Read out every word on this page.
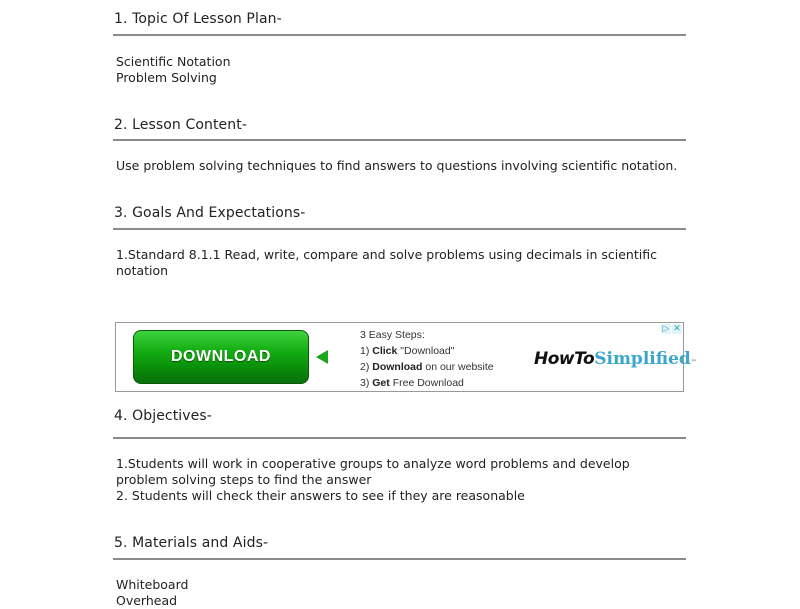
1. Topic Of Lesson Plan-
Scientific Notation
Problem Solving
2. Lesson Content-
Use problem solving techniques to find answers to questions involving scientific notation.
3. Goals And Expectations-
1.Standard 8.1.1 Read, write, compare and solve problems using decimals in scientific
notation
DOWNLOAD
3 Easy Steps:
1) Click "Download"
2) Download on our website
3) Get Free Download
HowToSimplified™
▷ ✕
4. Objectives-
1.Students will work in cooperative groups to analyze word problems and develop
problem solving steps to find the answer
2. Students will check their answers to see if they are reasonable
5. Materials and Aids-
Whiteboard
Overhead
